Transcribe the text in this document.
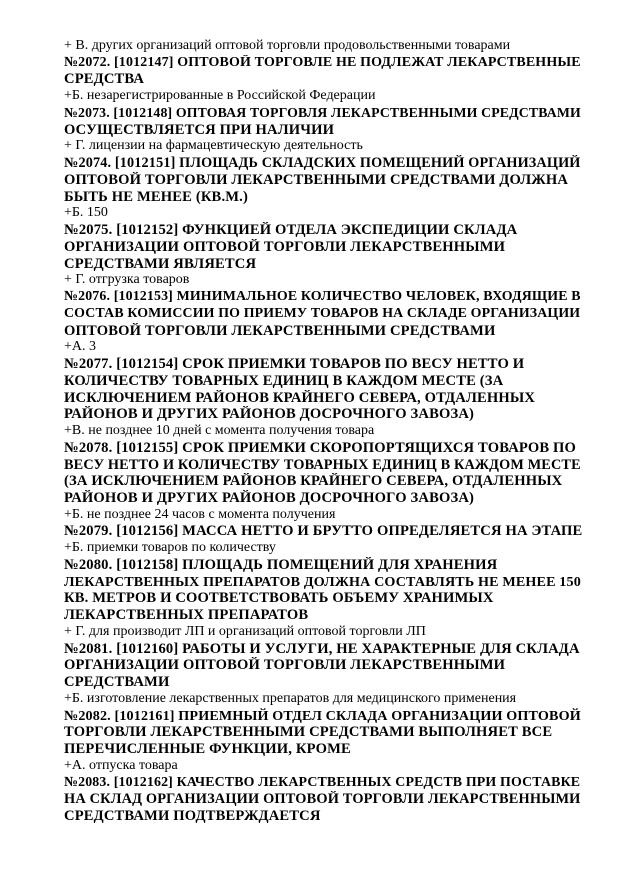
+ В. других организаций оптовой торговли продовольственными товарами
№2072. [1012147] ОПТОВОЙ ТОРГОВЛЕ НЕ ПОДЛЕЖАТ ЛЕКАРСТВЕННЫЕ
СРЕДСТВА
+Б. незарегистрированные в Российской Федерации
№2073. [1012148] ОПТОВАЯ ТОРГОВЛЯ ЛЕКАРСТВЕННЫМИ СРЕДСТВАМИ
ОСУЩЕСТВЛЯЕТСЯ ПРИ НАЛИЧИИ
+ Г. лицензии на фармацевтическую деятельность
№2074. [1012151] ПЛОЩАДЬ СКЛАДСКИХ ПОМЕЩЕНИЙ ОРГАНИЗАЦИЙ
ОПТОВОЙ ТОРГОВЛИ ЛЕКАРСТВЕННЫМИ СРЕДСТВАМИ ДОЛЖНА
БЫТЬ НЕ МЕНЕЕ (КВ.М.)
+Б. 150
№2075. [1012152] ФУНКЦИЕЙ ОТДЕЛА ЭКСПЕДИЦИИ СКЛАДА
ОРГАНИЗАЦИИ ОПТОВОЙ ТОРГОВЛИ ЛЕКАРСТВЕННЫМИ
СРЕДСТВАМИ ЯВЛЯЕТСЯ
+ Г. отгрузка товаров
№2076. [1012153] МИНИМАЛЬНОЕ КОЛИЧЕСТВО ЧЕЛОВЕК, ВХОДЯЩИЕ В
СОСТАВ КОМИССИИ ПО ПРИЕМУ ТОВАРОВ НА СКЛАДЕ ОРГАНИЗАЦИИ
ОПТОВОЙ ТОРГОВЛИ ЛЕКАРСТВЕННЫМИ СРЕДСТВАМИ
+А. 3
№2077. [1012154] СРОК ПРИЕМКИ ТОВАРОВ ПО ВЕСУ НЕТТО И
КОЛИЧЕСТВУ ТОВАРНЫХ ЕДИНИЦ В КАЖДОМ МЕСТЕ (ЗА
ИСКЛЮЧЕНИЕМ РАЙОНОВ КРАЙНЕГО СЕВЕРА, ОТДАЛЕННЫХ
РАЙОНОВ И ДРУГИХ РАЙОНОВ ДОСРОЧНОГО ЗАВОЗА)
+В. не позднее 10 дней с момента получения товара
№2078. [1012155] СРОК ПРИЕМКИ СКОРОПОРТЯЩИХСЯ ТОВАРОВ ПО
ВЕСУ НЕТТО И КОЛИЧЕСТВУ ТОВАРНЫХ ЕДИНИЦ В КАЖДОМ МЕСТЕ
(ЗА ИСКЛЮЧЕНИЕМ РАЙОНОВ КРАЙНЕГО СЕВЕРА, ОТДАЛЕННЫХ
РАЙОНОВ И ДРУГИХ РАЙОНОВ ДОСРОЧНОГО ЗАВОЗА)
+Б. не позднее 24 часов с момента получения
№2079. [1012156] МАССА НЕТТО И БРУТТО ОПРЕДЕЛЯЕТСЯ НА ЭТАПЕ
+Б. приемки товаров по количеству
№2080. [1012158] ПЛОЩАДЬ ПОМЕЩЕНИЙ ДЛЯ ХРАНЕНИЯ
ЛЕКАРСТВЕННЫХ ПРЕПАРАТОВ ДОЛЖНА СОСТАВЛЯТЬ НЕ МЕНЕЕ 150
КВ. МЕТРОВ И СООТВЕТСТВОВАТЬ ОБЪЕМУ ХРАНИМЫХ
ЛЕКАРСТВЕННЫХ ПРЕПАРАТОВ
+ Г. для производит ЛП и организаций оптовой торговли ЛП
№2081. [1012160] РАБОТЫ И УСЛУГИ, НЕ ХАРАКТЕРНЫЕ ДЛЯ СКЛАДА
ОРГАНИЗАЦИИ ОПТОВОЙ ТОРГОВЛИ ЛЕКАРСТВЕННЫМИ
СРЕДСТВАМИ
+Б. изготовление лекарственных препаратов для медицинского применения
№2082. [1012161] ПРИЕМНЫЙ ОТДЕЛ СКЛАДА ОРГАНИЗАЦИИ ОПТОВОЙ
ТОРГОВЛИ ЛЕКАРСТВЕННЫМИ СРЕДСТВАМИ ВЫПОЛНЯЕТ ВСЕ
ПЕРЕЧИСЛЕННЫЕ ФУНКЦИИ, КРОМЕ
+А. отпуска товара
№2083. [1012162] КАЧЕСТВО ЛЕКАРСТВЕННЫХ СРЕДСТВ ПРИ ПОСТАВКЕ
НА СКЛАД ОРГАНИЗАЦИИ ОПТОВОЙ ТОРГОВЛИ ЛЕКАРСТВЕННЫМИ
СРЕДСТВАМИ ПОДТВЕРЖДАЕТСЯ
